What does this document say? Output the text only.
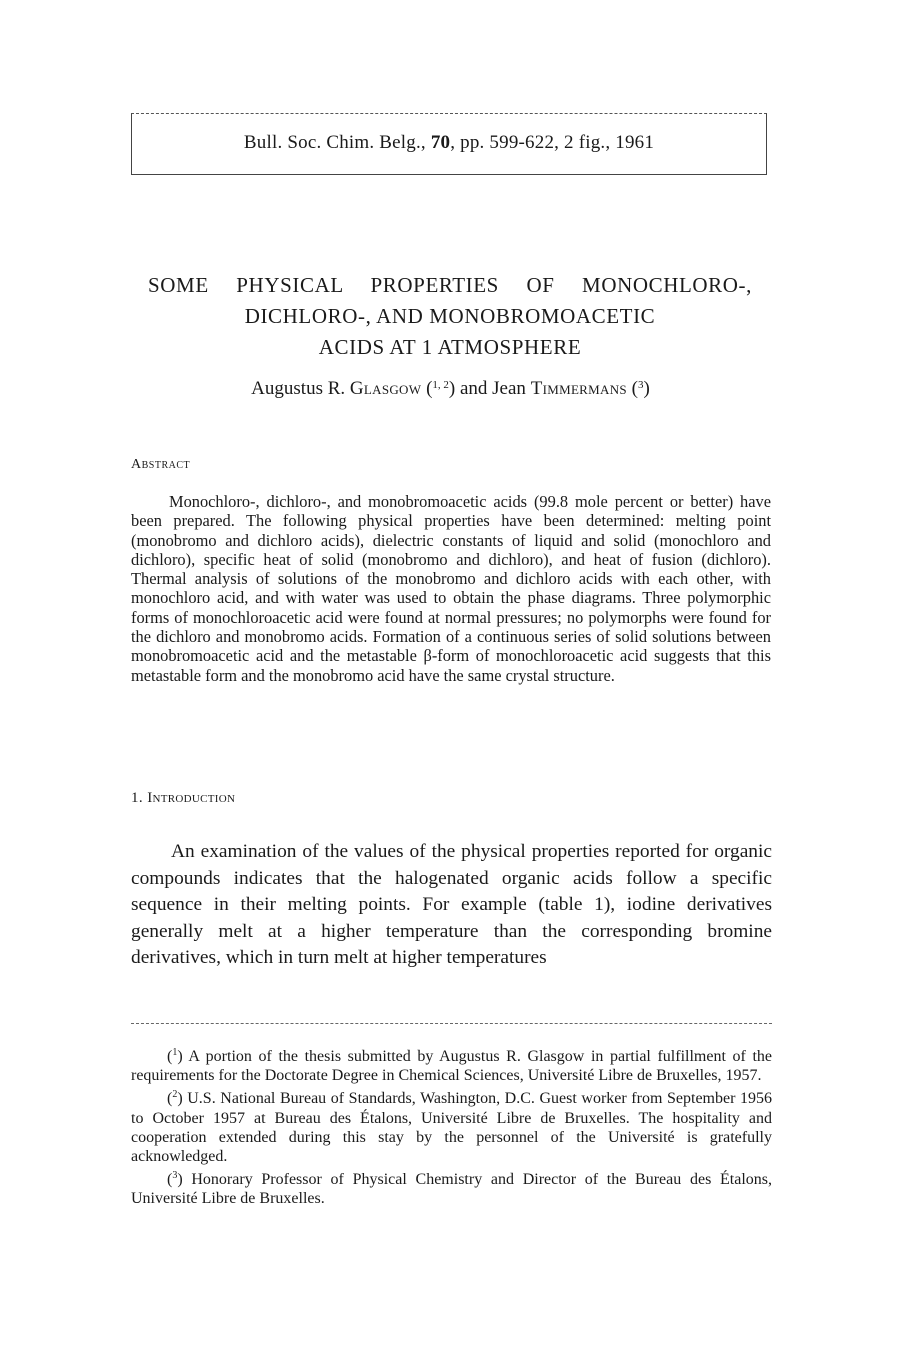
Bull. Soc. Chim. Belg., 70, pp. 599-622, 2 fig., 1961
SOME PHYSICAL PROPERTIES OF MONOCHLORO-,
DICHLORO-, AND MONOBROMOACETIC
ACIDS AT 1 ATMOSPHERE
Augustus R. Glasgow ($^{1, 2}$) and Jean Timmermans ($^3$)
Abstract
Monochloro-, dichloro-, and monobromoacetic acids (99.8 mole percent or better) have been prepared. The following physical properties have been determined: melting point (monobromo and dichloro acids), dielectric constants of liquid and solid (monochloro and dichloro), specific heat of solid (monobromo and dichloro), and heat of fusion (dichloro). Thermal analysis of solutions of the monobromo and dichloro acids with each other, with monochloro acid, and with water was used to obtain the phase diagrams. Three polymorphic forms of monochloroacetic acid were found at normal pressures; no polymorphs were found for the dichloro and monobromo acids. Formation of a continuous series of solid solutions between monobromoacetic acid and the metastable β-form of monochloroacetic acid suggests that this metastable form and the monobromo acid have the same crystal structure.
1. Introduction
An examination of the values of the physical properties reported for organic compounds indicates that the halogenated organic acids follow a specific sequence in their melting points. For example (table 1), iodine derivatives generally melt at a higher temperature than the corresponding bromine derivatives, which in turn melt at higher temperatures

($^1$) A portion of the thesis submitted by Augustus R. Glasgow in partial fulfillment of the requirements for the Doctorate Degree in Chemical Sciences, Université Libre de Bruxelles, 1957.

($^2$) U.S. National Bureau of Standards, Washington, D.C. Guest worker from September 1956 to October 1957 at Bureau des Étalons, Université Libre de Bruxelles. The hospitality and cooperation extended during this stay by the personnel of the Université is gratefully acknowledged.

($^3$) Honorary Professor of Physical Chemistry and Director of the Bureau des Étalons, Université Libre de Bruxelles.
